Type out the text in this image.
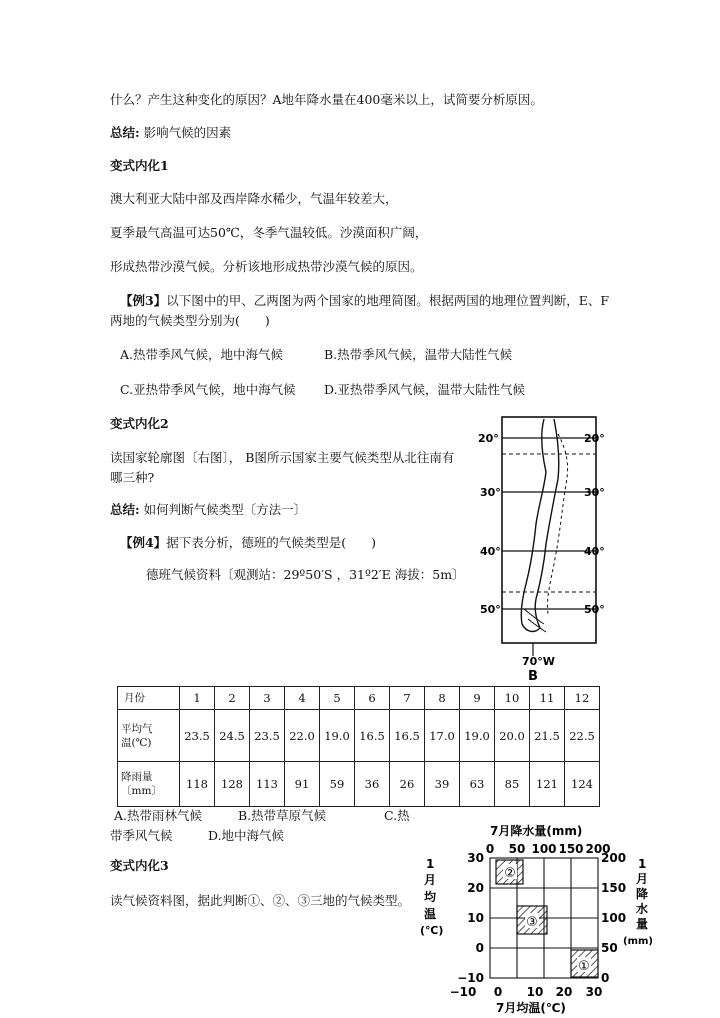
什么？产生这种变化的原因？A地年降水量在400毫米以上，试简要分析原因。
总结: 影响气候的因素
变式内化1
澳大利亚大陆中部及西岸降水稀少，气温年较差大，
夏季最气高温可达50℃，冬季气温较低。沙漠面积广阔，
形成热带沙漠气候。分析该地形成热带沙漠气候的原因。
【例3】以下图中的甲、乙两图为两个国家的地理简图。根据两国的地理位置判断，E、F
两地的气候类型分别为(　　)
A.热带季风气候，地中海气候	B.热带季风气候，温带大陆性气候
C.亚热带季风气候，地中海气候 D.亚热带季风气候，温带大陆性气候
变式内化2
读国家轮廓图〔右图〕， B图所示国家主要气候类型从北往南有
哪三种?
总结: 如何判断气候类型〔方法一〕
【例4】据下表分析，德班的气候类型是(　　)
德班气候资料〔观测站：29º50′S ，31º2′E 海拔：5m〕
20°
30°
40°
50°
20°
30°
40°
50°
70°W
B
月份	1	2	3	4	5	6	7	8	9	10	11	12

平均气
温(℃)	23.5	24.5	23.5	22.0	19.0	16.5	16.5	17.0	19.0	20.0	21.5	22.5

降雨量
〔mm〕	118	128	113	91	59	36	26	39	63	85	121	124
A.热带雨林气候	B.热带草原气候	C.热
带季风气候	D.地中海气候
变式内化3
读气候资料图，据此判断①、②、③三地的气候类型。
7月降水量(mm)
7月均温(℃)
1
月
均
温
(℃)
1
月
降
水
量
(mm)
0 50 100 150 200
−10 0 10 20 30
30
20
10
0
−10
200
150
100
50
0
②
③
①
